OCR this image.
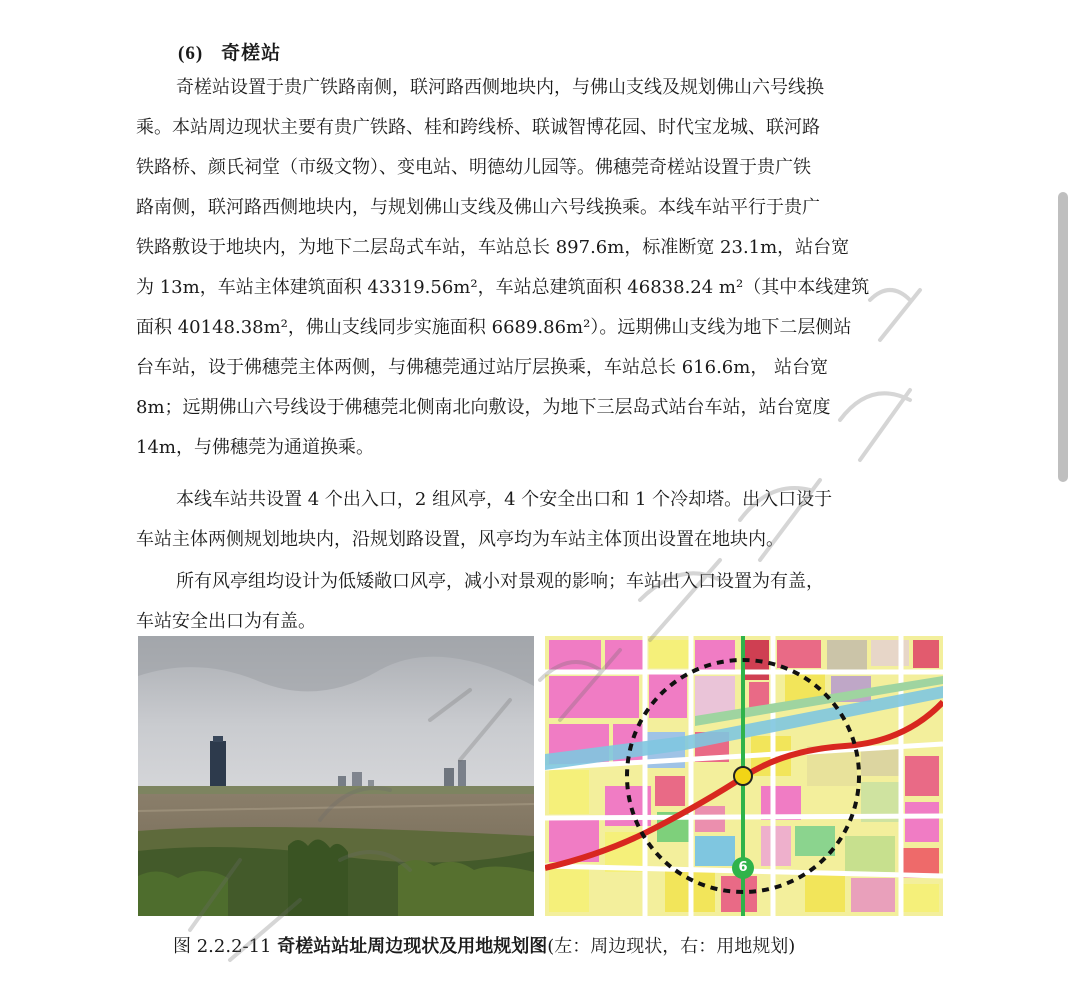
(6) 奇槎站
奇槎站设置于贵广铁路南侧，联河路西侧地块内，与佛山支线及规划佛山六号线换
乘。本站周边现状主要有贵广铁路、桂和跨线桥、联诚智博花园、时代宝龙城、联河路
铁路桥、颜氏祠堂（市级文物）、变电站、明德幼儿园等。佛穗莞奇槎站设置于贵广铁
路南侧，联河路西侧地块内，与规划佛山支线及佛山六号线换乘。本线车站平行于贵广
铁路敷设于地块内，为地下二层岛式车站，车站总长 897.6m，标准断宽 23.1m，站台宽
为 13m，车站主体建筑面积 43319.56m²，车站总建筑面积 46838.24 m²（其中本线建筑
面积 40148.38m²，佛山支线同步实施面积 6689.86m²）。远期佛山支线为地下二层侧站
台车站，设于佛穗莞主体两侧，与佛穗莞通过站厅层换乘，车站总长 616.6m， 站台宽
8m；远期佛山六号线设于佛穗莞北侧南北向敷设，为地下三层岛式站台车站，站台宽度
14m，与佛穗莞为通道换乘。
本线车站共设置 4 个出入口，2 组风亭，4 个安全出口和 1 个冷却塔。出入口设于
车站主体两侧规划地块内，沿规划路设置，风亭均为车站主体顶出设置在地块内。
所有风亭组均设计为低矮敞口风亭，减小对景观的影响；车站出入口设置为有盖，
车站安全出口为有盖。
6
图 2.2.2-11 奇槎站站址周边现状及用地规划图(左：周边现状，右：用地规划)
